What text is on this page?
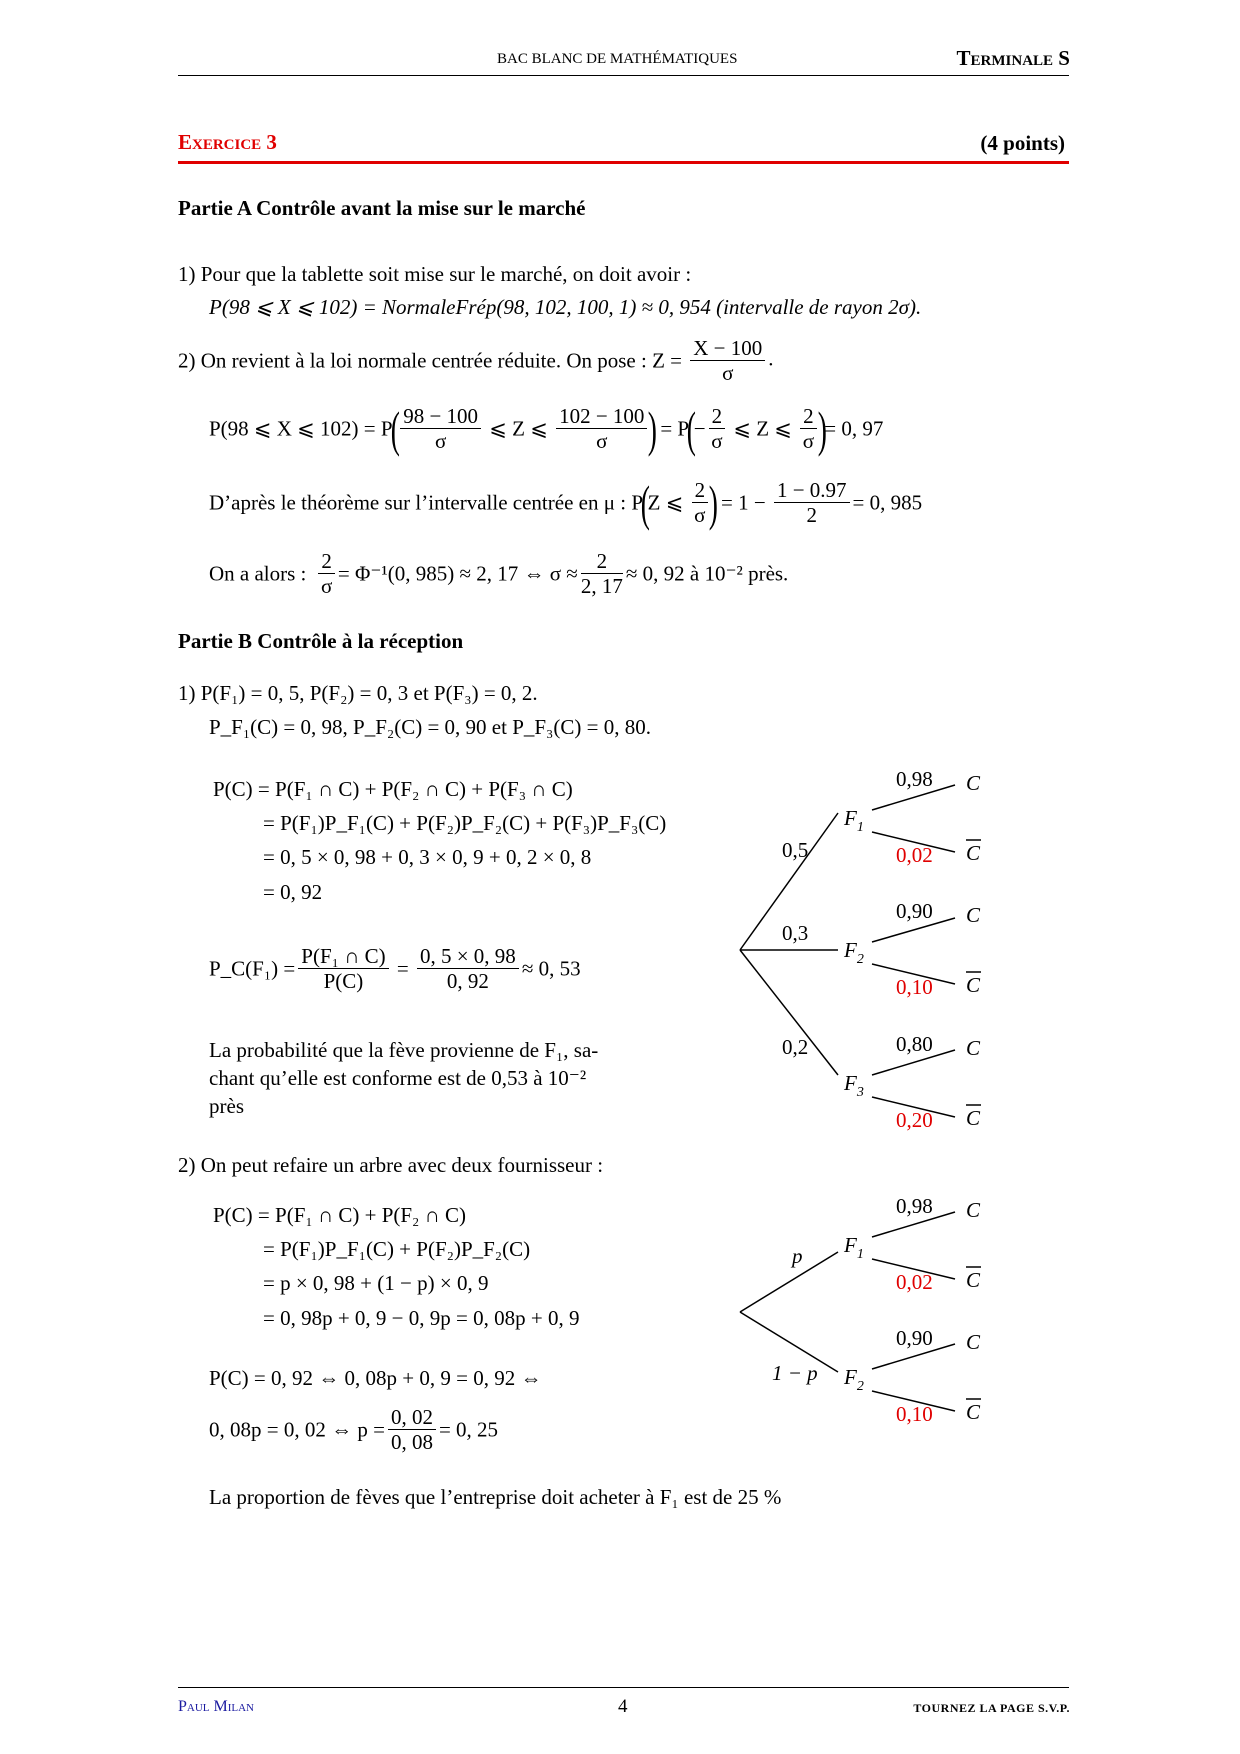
BAC BLANC DE MATHÉMATIQUES	Terminale S
Exercice 3	(4 points)
Partie A Contrôle avant la mise sur le marché
1) Pour que la tablette soit mise sur le marché, on doit avoir :
P(98 ⩽ X ⩽ 102) = NormaleFrép(98, 102, 100, 1) ≈ 0, 954 (intervalle de rayon 2σ).
2) On revient à la loi normale centrée réduite. On pose : $Z = \frac{X - 100}{\sigma}$ .
P(98 ⩽ X ⩽ $102) = P( \frac{98 - 100}{\sigma}$ ⩽ Z ⩽ $\frac{102 - 100}{\sigma}$ ) = $P(- \frac{2}{\sigma}$ ⩽ Z ⩽ $\frac{2}{\sigma}$ )= 0, 97
D’après le théorème sur l’intervalle centrée en μ : P(Z ⩽ $\frac{2}{\sigma}$ ) = $1 - \frac{1 - 0.97}{2} = 0$, 985
On a alors : $\frac{2}{\sigma} = \Phi^{-1}(0$, 985) ≈ 2, 17 ⇔ $\sigma \approx \frac{2}{2, 17} \approx 0$, 92 à 10⁻² près.
Partie B Contrôle à la réception
1) P(F₁) = 0, 5, P(F₂) = 0, 3 et P(F₃) = 0, 2.
P_F₁(C) = 0, 98, P_F₂(C) = 0, 90 et P_F₃(C) = 0, 80.
P(C) = P(F₁ ∩ C) + P(F₂ ∩ C) + P(F₃ ∩ C)
= P(F₁)P_F₁(C) + P(F₂)P_F₂(C) + P(F₃)P_F₃(C)
= 0, 5 × 0, 98 + 0, 3 × 0, 9 + 0, 2 × 0, 8
= 0, 92
P_C(F₁) = $\frac{\text{P(F₁ ∩ C)}}{P(C)} = \frac{0, 5 \times 0, 98}{0, 92} \approx 0$, 53
La probabilité que la fève provienne de F₁, sa-
chant qu’elle est conforme est de 0,53 à 10⁻²
près
2) On peut refaire un arbre avec deux fournisseur :
P(C) = P(F₁ ∩ C) + P(F₂ ∩ C)
= P(F₁)P_F₁(C) + P(F₂)P_F₂(C)
= p × 0, 98 + (1 − p) × 0, 9
= 0, 98p + 0, 9 − 0, 9p = 0, 08p + 0, 9
P(C) = 0, 92 ⇔ 0, 08p + 0, 9 = 0, 92 ⇔
0, 08p = 0, 02 ⇔ $p = \frac{0, 02}{0, 08} = 0$, 25
La proportion de fèves que l’entreprise doit acheter à F₁ est de 25 %
0,5
0,3
0,2
$F_1$
$F_2$
$F_3$
0,98
0,02
0,90
0,10
0,80
0,20
C
C
C
C
C
C
p
1 − p
$F_1$
$F_2$
0,98
0,02
0,90
0,10
C
C
C
C
Paul Milan	4	TOURNEZ LA PAGE S.V.P.
